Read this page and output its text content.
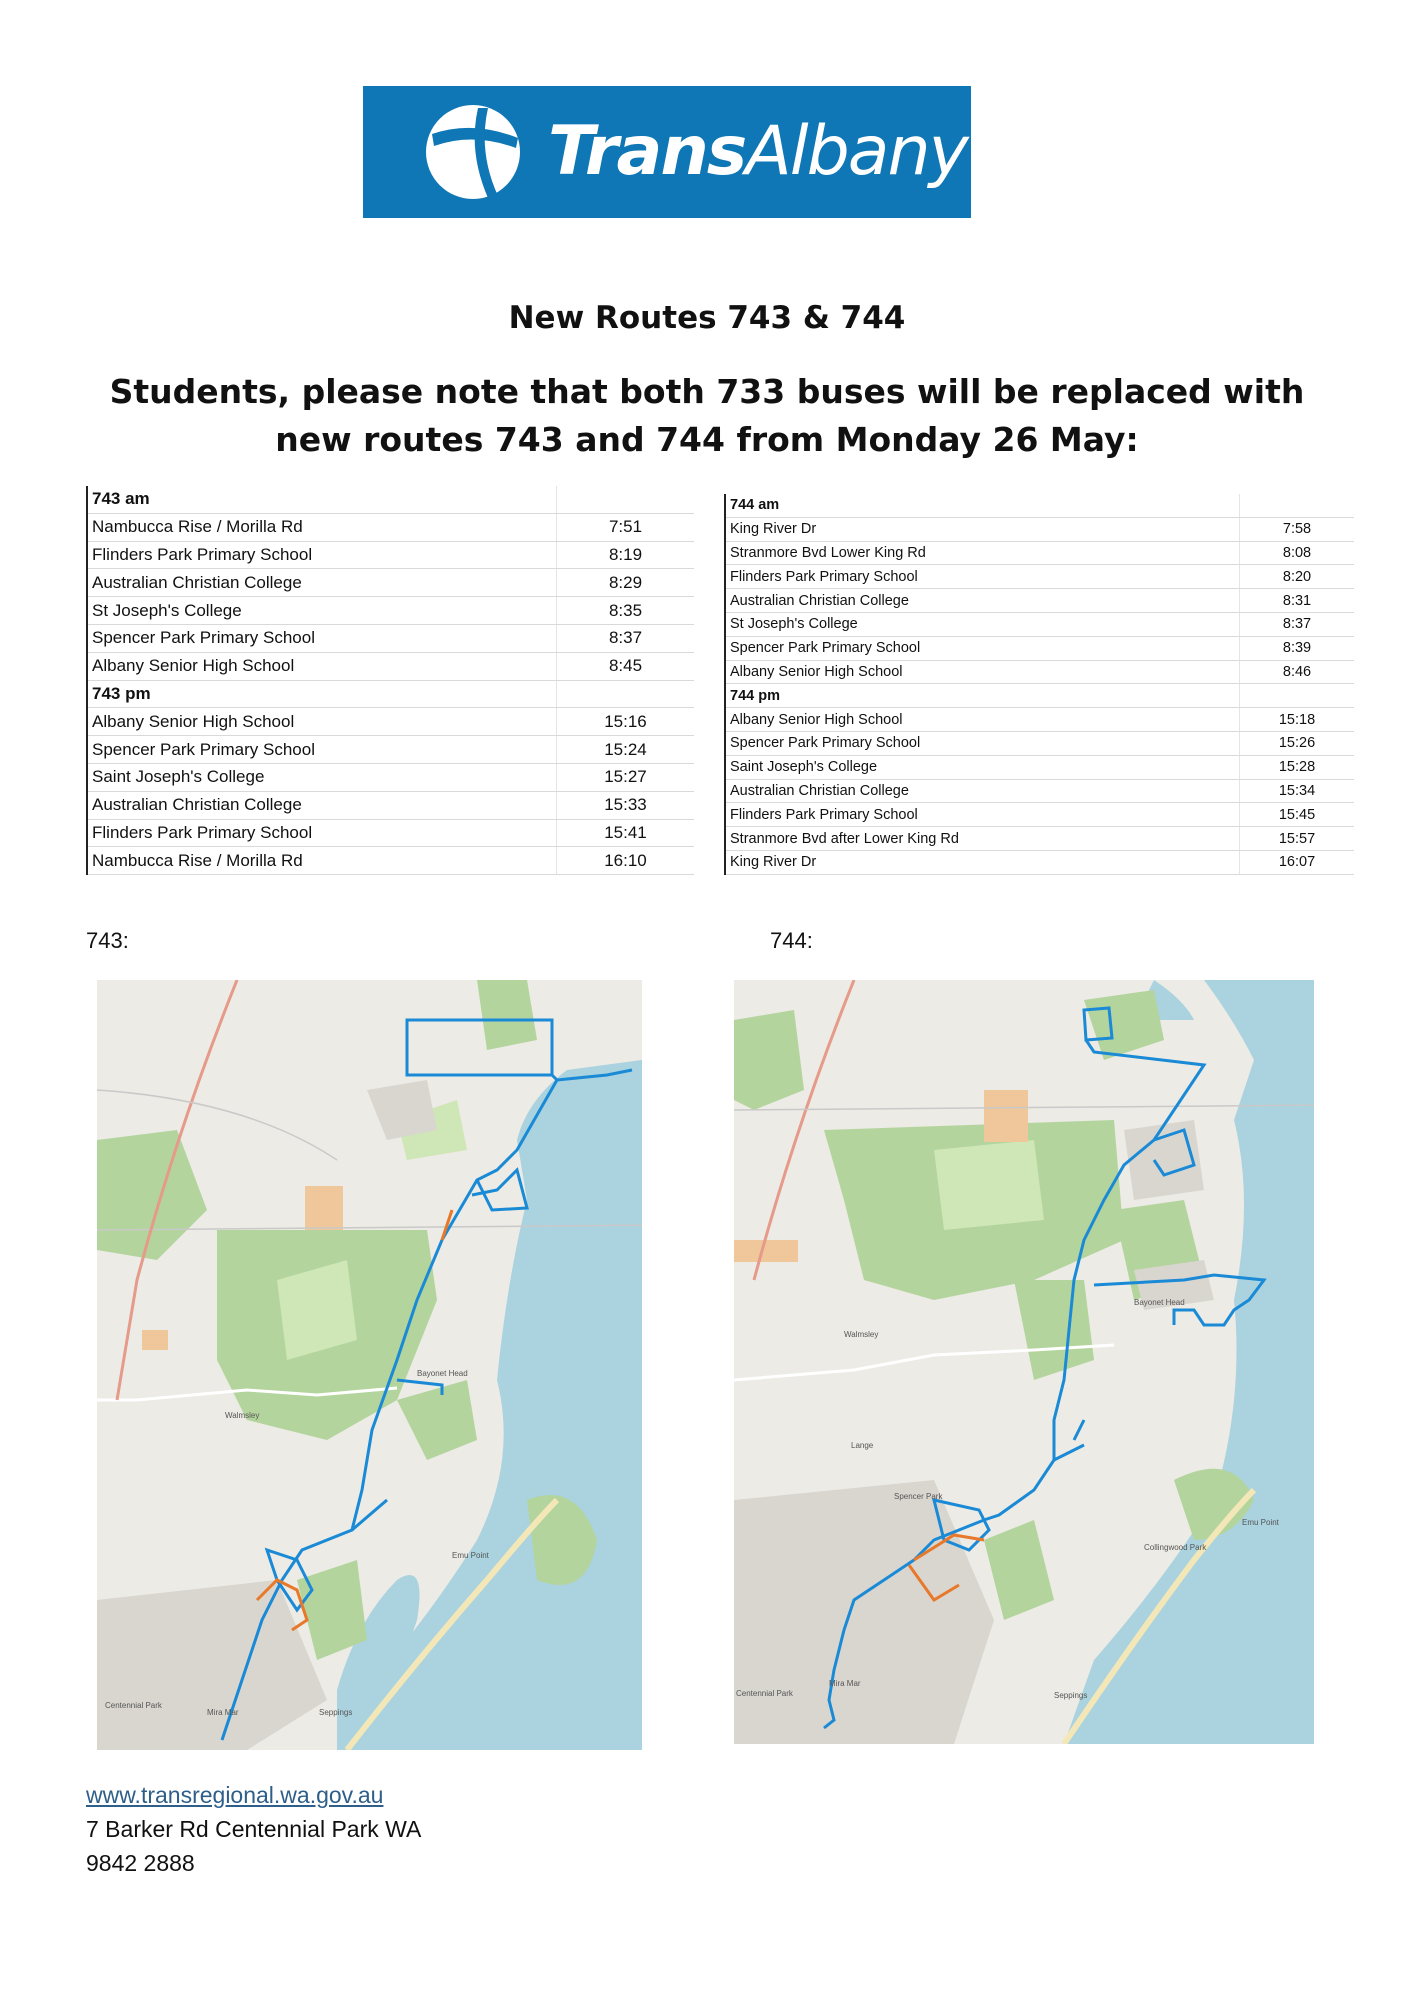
TransAlbany
New Routes 743 & 744
Students, please note that both 733 buses will be replaced with new routes 743 and 744 from Monday 26 May:
743 am	
Nambucca Rise / Morilla Rd	7:51
Flinders Park Primary School	8:19
Australian Christian College	8:29
St Joseph's College	8:35
Spencer Park Primary School	8:37
Albany Senior High School	8:45
743 pm	
Albany Senior High School	15:16
Spencer Park Primary School	15:24
Saint Joseph's College	15:27
Australian Christian College	15:33
Flinders Park Primary School	15:41
Nambucca Rise / Morilla Rd	16:10
744 am	
King River Dr	7:58
Stranmore Bvd Lower King Rd	8:08
Flinders Park Primary School	8:20
Australian Christian College	8:31
St Joseph's College	8:37
Spencer Park Primary School	8:39
Albany Senior High School	8:46
744 pm	
Albany Senior High School	15:18
Spencer Park Primary School	15:26
Saint Joseph's College	15:28
Australian Christian College	15:34
Flinders Park Primary School	15:45
Stranmore Bvd after Lower King Rd	15:57
King River Dr	16:07
743:	744:
Walmsley
Bayonet Head
Emu Point
Centennial Park
Mira Mar	Seppings
Walmsley
Lange
Bayonet Head
Emu Point
Collingwood Park
Spencer Park
Centennial Park
Mira Mar
Seppings
www.transregional.wa.gov.au
7 Barker Rd Centennial Park WA
9842 2888
